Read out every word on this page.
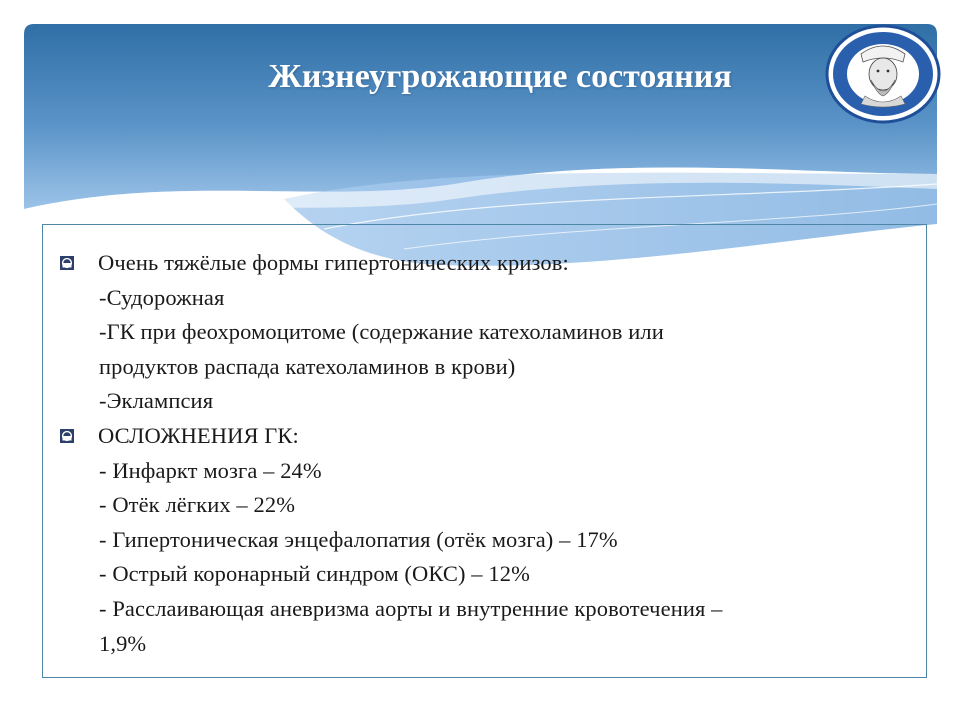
Жизнеугрожающие состояния
Очень тяжёлые формы гипертонических кризов:
-Судорожная
-ГК при феохромоцитоме (содержание катехоламинов или
продуктов распада катехоламинов в крови)
-Эклампсия
ОСЛОЖНЕНИЯ ГК:
- Инфаркт мозга – 24%
- Отёк лёгких – 22%
- Гипертоническая энцефалопатия (отёк мозга) – 17%
- Острый коронарный синдром (ОКС) – 12%
- Расслаивающая аневризма аорты и внутренние кровотечения –
1,9%
